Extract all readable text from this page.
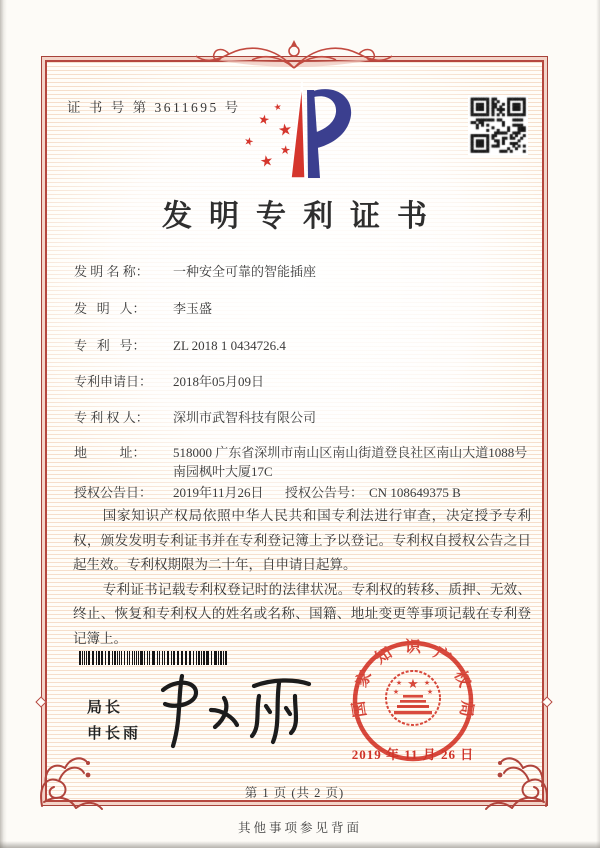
证 书 号 第 3611695 号	★
★ ★
★
★
★
发明专利证书
发 明 名 称： 一种安全可靠的智能插座
发   明   人： 李玉盛
专   利   号： ZL 2018 1 0434726.4
专利申请日： 2018年05月09日
专 利 权 人： 深圳市武智科技有限公司
地          址： 518000 广东省深圳市南山区南山街道登良社区南山大道1088号南园枫叶大厦17C
授权公告日： 2019年11月26日 授权公告号： CN 108649375 B

国家知识产权局依照中华人民共和国专利法进行审查，决定授予专利权，颁发发明专利证书并在专利登记簿上予以登记。专利权自授权公告之日起生效。专利权期限为二十年，自申请日起算。

专利证书记载专利权登记时的法律状况。专利权的转移、质押、无效、终止、恢复和专利权人的姓名或名称、国籍、地址变更等事项记载在专利登记簿上。

局长
申长雨
国家知识产权局
★
★	★
★	★
2019 年 11 月 26 日
第 1 页 (共 2 页)
其他事项参见背面
